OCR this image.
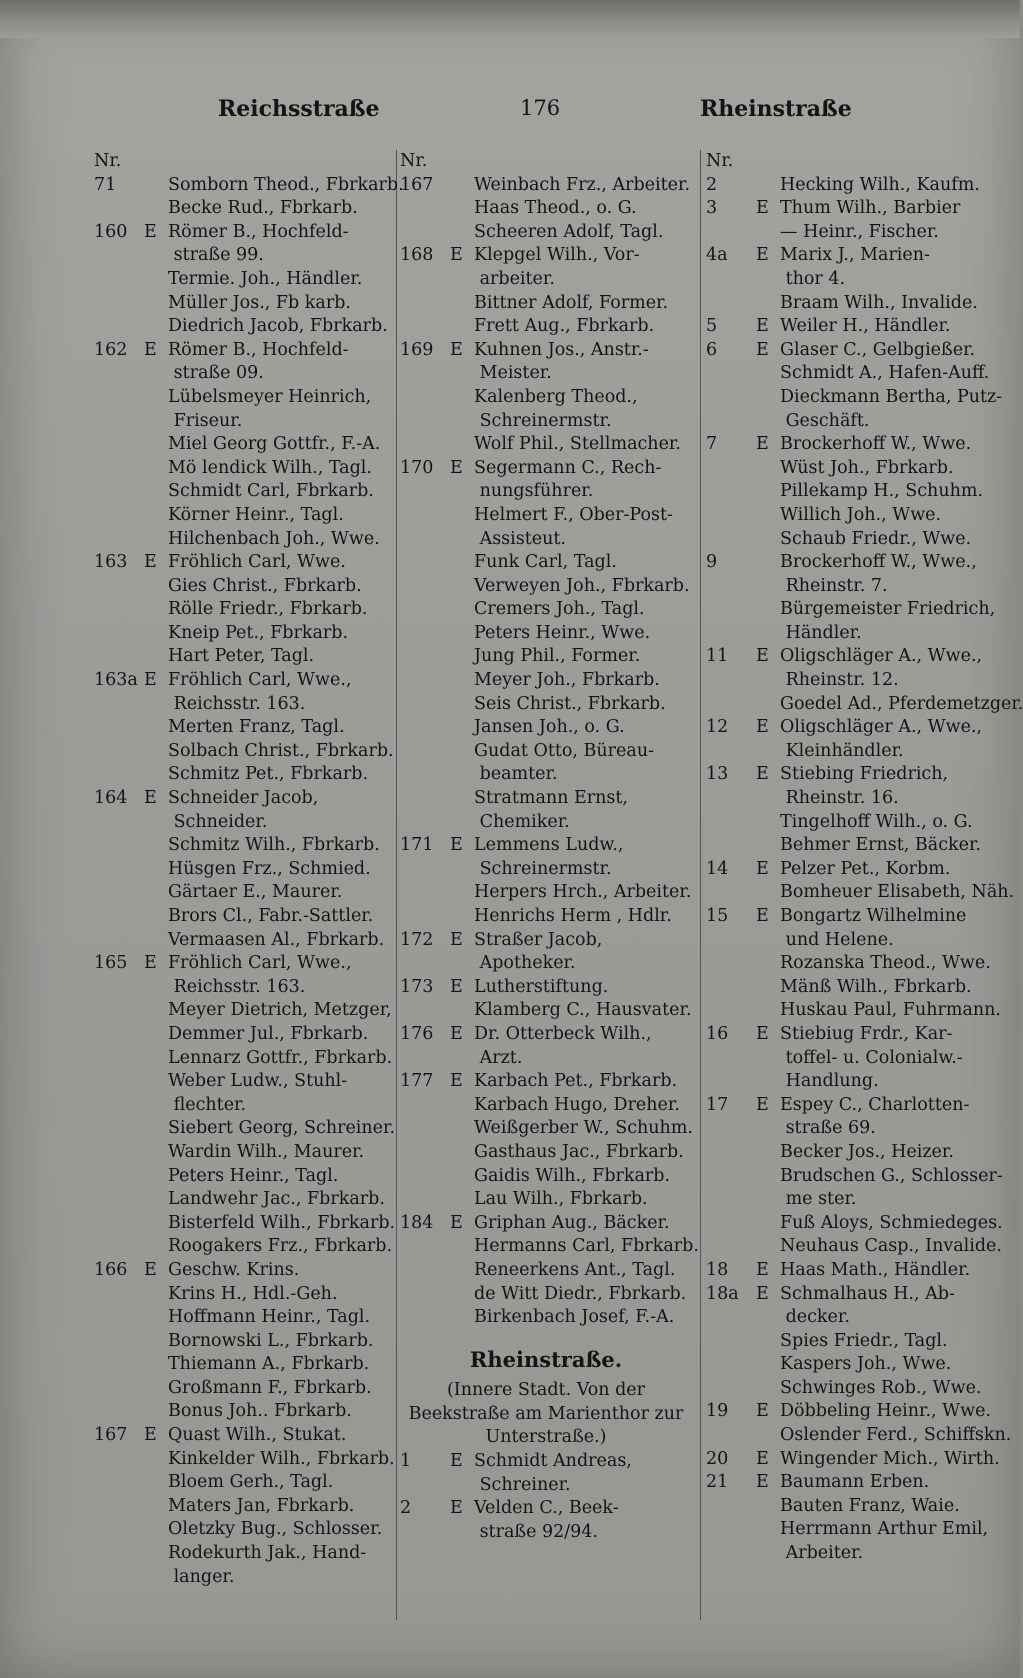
Reichsstraße	176	Rheinstraße
Nr.
71	Somborn Theod., Fbrkarb.
Becke Rud., Fbrkarb.
160 E Römer B., Hochfeld-
straße 99.
Termie. Joh., Händler.
Müller Jos., Fb karb.
Diedrich Jacob, Fbrkarb.
162 E Römer B., Hochfeld-
straße 09.
Lübelsmeyer Heinrich,
Friseur.
Miel Georg Gottfr., F.-A.
Mö lendick Wilh., Tagl.
Schmidt Carl, Fbrkarb.
Körner Heinr., Tagl.
Hilchenbach Joh., Wwe.
163 E Fröhlich Carl, Wwe.
Gies Christ., Fbrkarb.
Rölle Friedr., Fbrkarb.
Kneip Pet., Fbrkarb.
Hart Peter, Tagl.
163a E Fröhlich Carl, Wwe.,
Reichsstr. 163.
Merten Franz, Tagl.
Solbach Christ., Fbrkarb.
Schmitz Pet., Fbrkarb.
164 E Schneider Jacob,
Schneider.
Schmitz Wilh., Fbrkarb.
Hüsgen Frz., Schmied.
Gärtaer E., Maurer.
Brors Cl., Fabr.-Sattler.
Vermaasen Al., Fbrkarb.
165 E Fröhlich Carl, Wwe.,
Reichsstr. 163.
Meyer Dietrich, Metzger,
Demmer Jul., Fbrkarb.
Lennarz Gottfr., Fbrkarb.
Weber Ludw., Stuhl-
flechter.
Siebert Georg, Schreiner.
Wardin Wilh., Maurer.
Peters Heinr., Tagl.
Landwehr Jac., Fbrkarb.
Bisterfeld Wilh., Fbrkarb.
Roogakers Frz., Fbrkarb.
166 E Geschw. Krins.
Krins H., Hdl.-Geh.
Hoffmann Heinr., Tagl.
Bornowski L., Fbrkarb.
Thiemann A., Fbrkarb.
Großmann F., Fbrkarb.
Bonus Joh.. Fbrkarb.
167 E Quast Wilh., Stukat.
Kinkelder Wilh., Fbrkarb.
Bloem Gerh., Tagl.
Maters Jan, Fbrkarb.
Oletzky Bug., Schlosser.
Rodekurth Jak., Hand-
langer.
Nr.
167 Weinbach Frz., Arbeiter.
Haas Theod., o. G.
Scheeren Adolf, Tagl.
168 E Klepgel Wilh., Vor-
arbeiter.
Bittner Adolf, Former.
Frett Aug., Fbrkarb.
169 E Kuhnen Jos., Anstr.-
Meister.
Kalenberg Theod.,
Schreinermstr.
Wolf Phil., Stellmacher.
170 E Segermann C., Rech-
nungsführer.
Helmert F., Ober-Post-
Assisteut.
Funk Carl, Tagl.
Verweyen Joh., Fbrkarb.
Cremers Joh., Tagl.
Peters Heinr., Wwe.
Jung Phil., Former.
Meyer Joh., Fbrkarb.
Seis Christ., Fbrkarb.
Jansen Joh., o. G.
Gudat Otto, Büreau-
beamter.
Stratmann Ernst,
Chemiker.
171 E Lemmens Ludw.,
Schreinermstr.
Herpers Hrch., Arbeiter.
Henrichs Herm , Hdlr.
172 E Straßer Jacob,
Apotheker.
173 E Lutherstiftung.
Klamberg C., Hausvater.
176 E Dr. Otterbeck Wilh.,
Arzt.
177 E Karbach Pet., Fbrkarb.
Karbach Hugo, Dreher.
Weißgerber W., Schuhm.
Gasthaus Jac., Fbrkarb.
Gaidis Wilh., Fbrkarb.
Lau Wilh., Fbrkarb.
184 E Griphan Aug., Bäcker.
Hermanns Carl, Fbrkarb.
Reneerkens Ant., Tagl.
de Witt Diedr., Fbrkarb.
Birkenbach Josef, F.-A.
Rheinstraße.
(Innere Stadt. Von der Beekstraße am Marienthor zur Unterstraße.)
1 E Schmidt Andreas,
Schreiner.
2 E Velden C., Beek-
straße 92/94.
Nr.
2	Hecking Wilh., Kaufm.
3 E Thum Wilh., Barbier
— Heinr., Fischer.
4a E Marix J., Marien-
thor 4.
Braam Wilh., Invalide.
5 E Weiler H., Händler.
6 E Glaser C., Gelbgießer.
Schmidt A., Hafen-Auff.
Dieckmann Bertha, Putz-
Geschäft.
7 E Brockerhoff W., Wwe.
Wüst Joh., Fbrkarb.
Pillekamp H., Schuhm.
Willich Joh., Wwe.
Schaub Friedr., Wwe.
9	Brockerhoff W., Wwe.,
Rheinstr. 7.
Bürgemeister Friedrich,
Händler.
11 E Oligschläger A., Wwe.,
Rheinstr. 12.
Goedel Ad., Pferdemetzger.
12 E Oligschläger A., Wwe.,
Kleinhändler.
13 E Stiebing Friedrich,
Rheinstr. 16.
Tingelhoff Wilh., o. G.
Behmer Ernst, Bäcker.
14 E Pelzer Pet., Korbm.
Bomheuer Elisabeth, Näh.
15 E Bongartz Wilhelmine
und Helene.
Rozanska Theod., Wwe.
Mänß Wilh., Fbrkarb.
Huskau Paul, Fuhrmann.
16 E Stiebiug Frdr., Kar-
toffel- u. Colonialw.-
Handlung.
17 E Espey C., Charlotten-
straße 69.
Becker Jos., Heizer.
Brudschen G., Schlosser-
me ster.
Fuß Aloys, Schmiedeges.
Neuhaus Casp., Invalide.
18 E Haas Math., Händler.
18a E Schmalhaus H., Ab-
decker.
Spies Friedr., Tagl.
Kaspers Joh., Wwe.
Schwinges Rob., Wwe.
19 E Döbbeling Heinr., Wwe.
Oslender Ferd., Schiffskn.
20 E Wingender Mich., Wirth.
21 E Baumann Erben.
Bauten Franz, Waie.
Herrmann Arthur Emil,
Arbeiter.
